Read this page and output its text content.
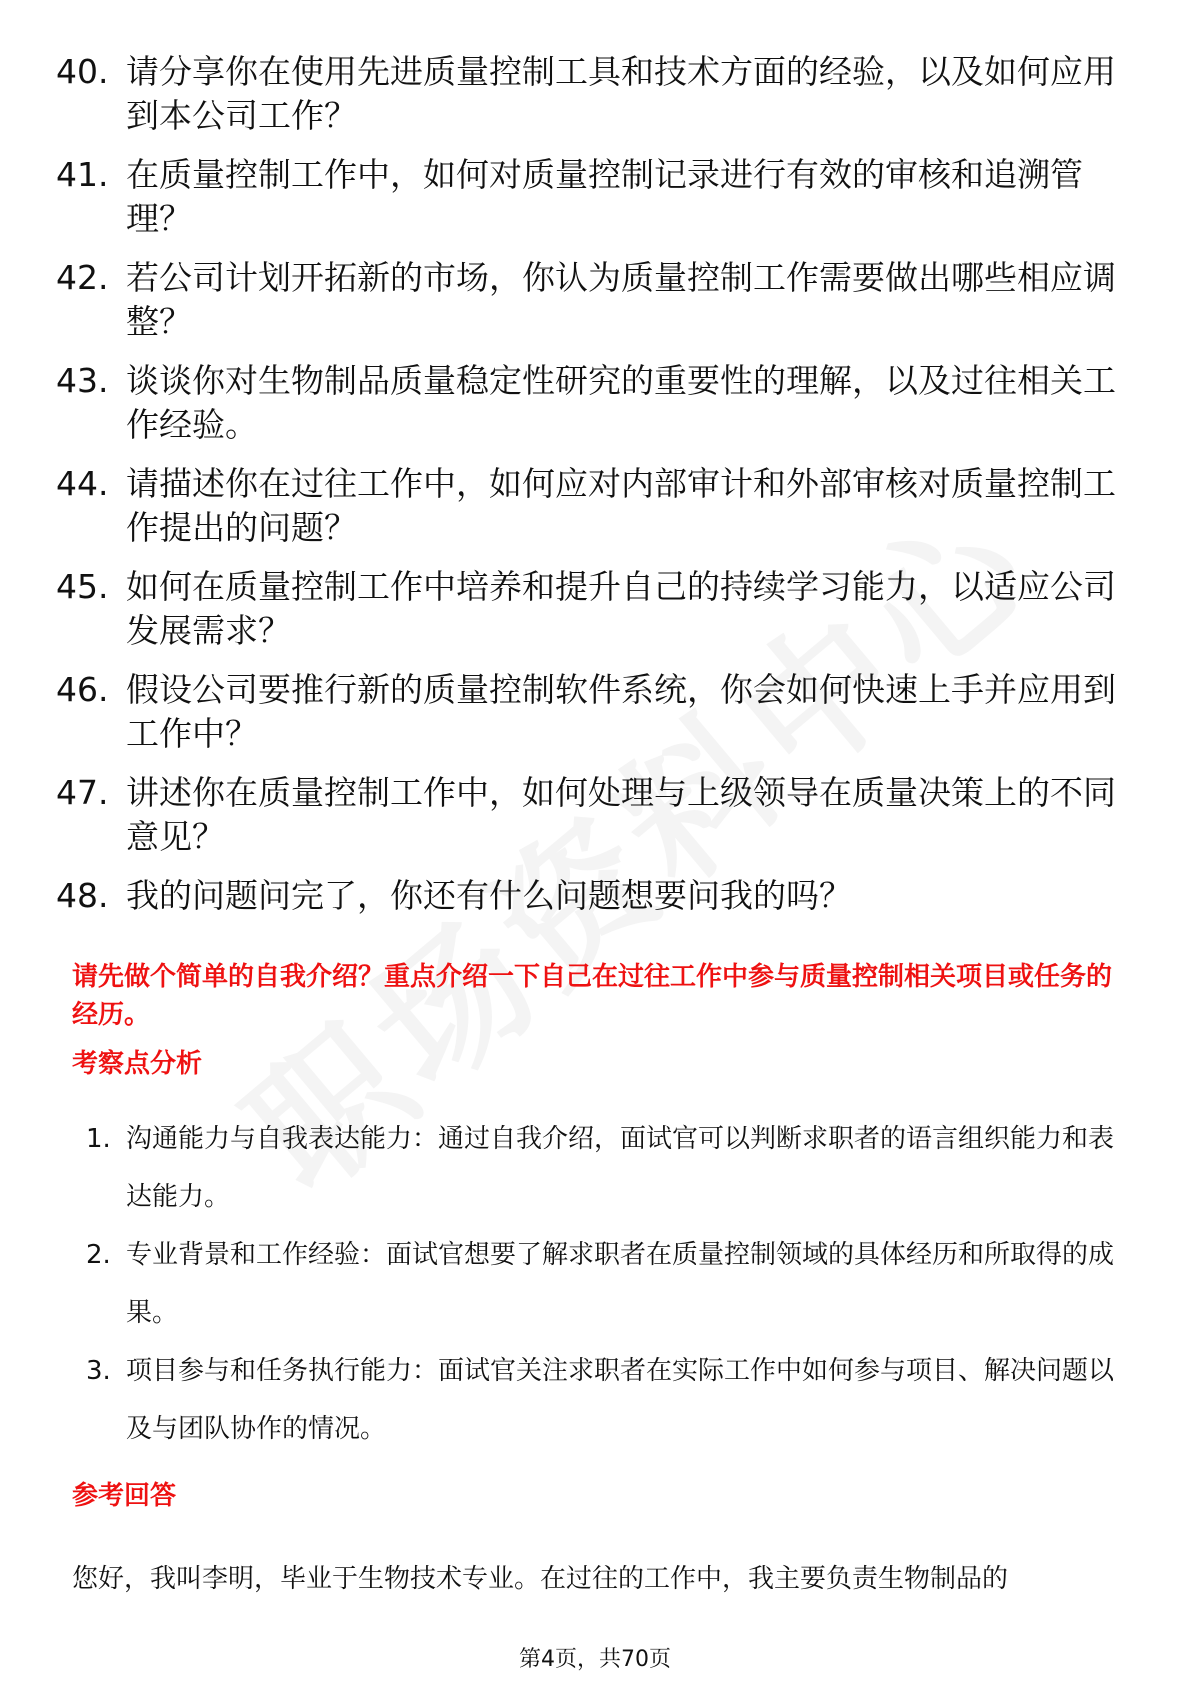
40. 请分享你在使用先进质量控制工具和技术方面的经验，以及如何应用到本公司工作？
41. 在质量控制工作中，如何对质量控制记录进行有效的审核和追溯管理？
42. 若公司计划开拓新的市场，你认为质量控制工作需要做出哪些相应调整？
43. 谈谈你对生物制品质量稳定性研究的重要性的理解，以及过往相关工作经验。
44. 请描述你在过往工作中，如何应对内部审计和外部审核对质量控制工作提出的问题？
45. 如何在质量控制工作中培养和提升自己的持续学习能力，以适应公司发展需求？
46. 假设公司要推行新的质量控制软件系统，你会如何快速上手并应用到工作中？
47. 讲述你在质量控制工作中，如何处理与上级领导在质量决策上的不同意见？
48. 我的问题问完了，你还有什么问题想要问我的吗？

请先做个简单的自我介绍？重点介绍一下自己在过往工作中参与质量控制相关项目或任务的经历。

考察点分析
1. 沟通能力与自我表达能力：通过自我介绍，面试官可以判断求职者的语言组织能力和表达能力。
2. 专业背景和工作经验：面试官想要了解求职者在质量控制领域的具体经历和所取得的成果。
3. 项目参与和任务执行能力：面试官关注求职者在实际工作中如何参与项目、解决问题以及与团队协作的情况。
参考回答

您好，我叫李明，毕业于生物技术专业。在过往的工作中，我主要负责生物制品的

第4页，共70页
